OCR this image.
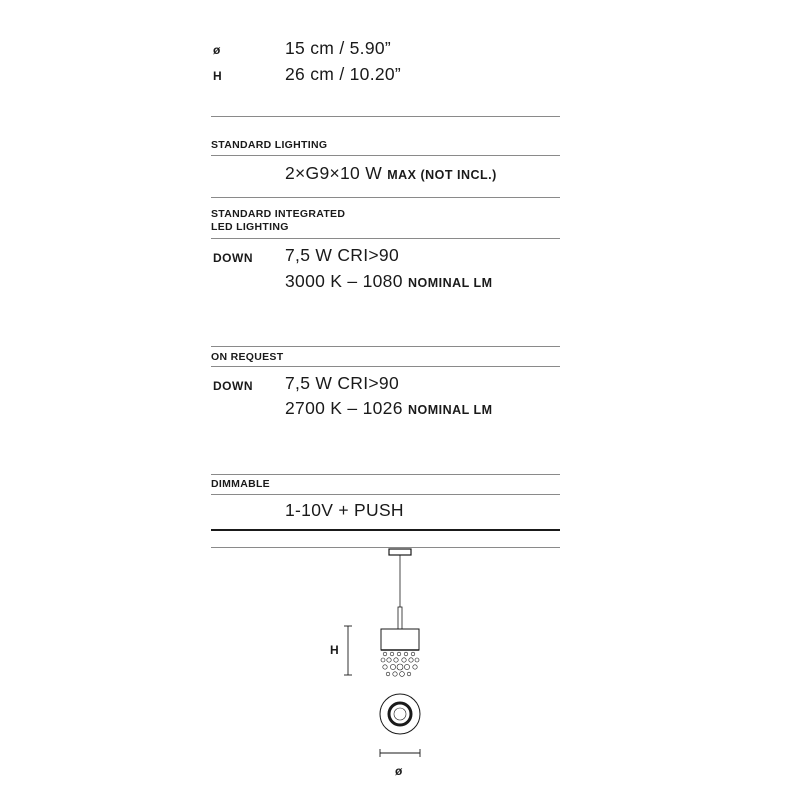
ø	15 cm / 5.90”
H	26 cm / 10.20”
STANDARD LIGHTING
2×G9×10 W MAX (NOT INCL.)
STANDARD INTEGRATED
LED LIGHTING
DOWN 7,5 W CRI>90
3000 K – 1080 NOMINAL LM
ON REQUEST
DOWN 7,5 W CRI>90
2700 K – 1026 NOMINAL LM
DIMMABLE
1-10V + PUSH
H
ø
